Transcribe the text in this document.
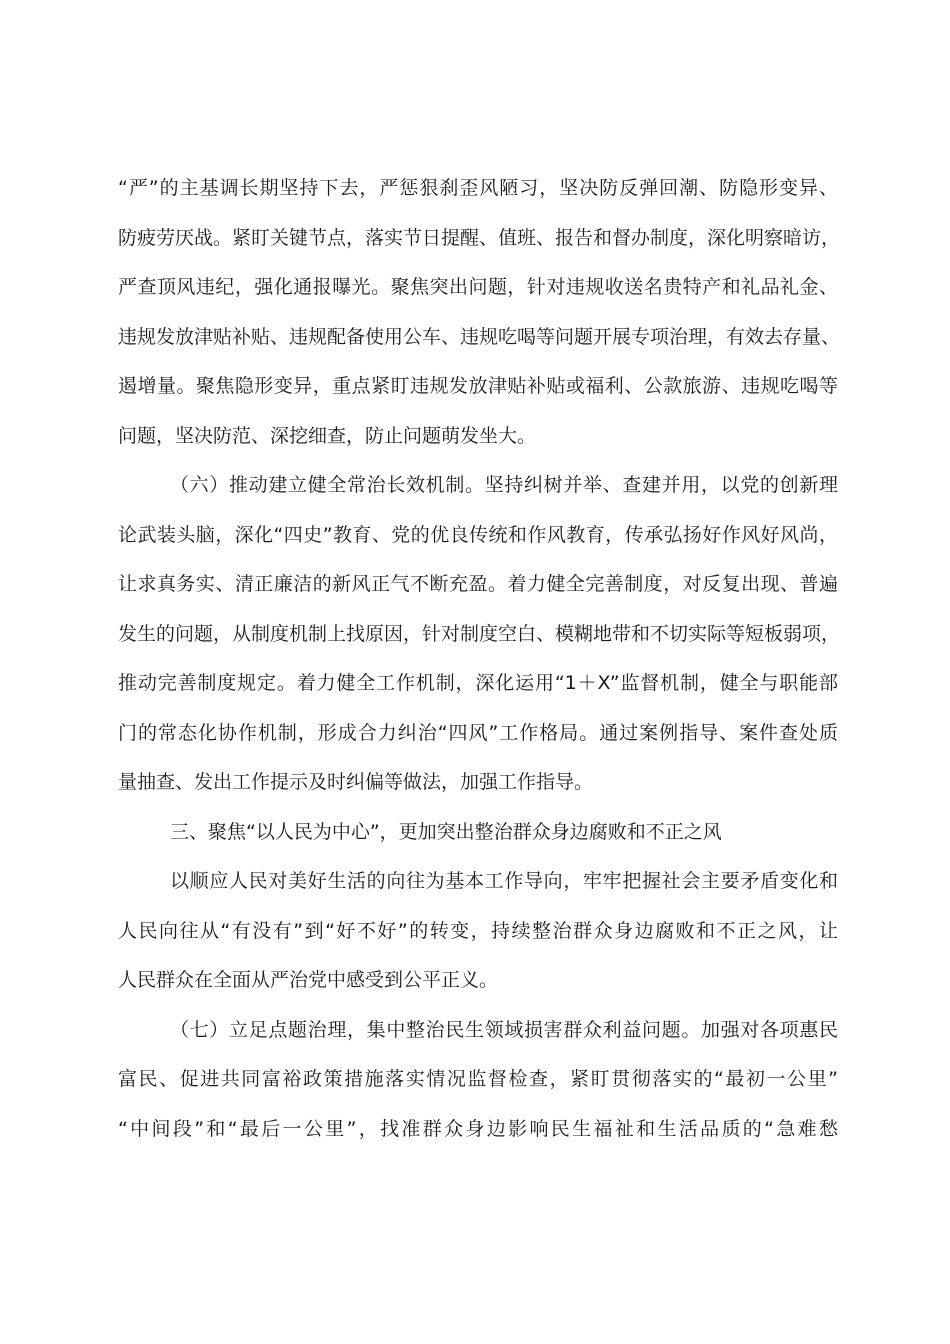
“严”的主基调长期坚持下去，严惩狠刹歪风陋习，坚决防反弹回潮、防隐形变异、
防疲劳厌战。紧盯关键节点，落实节日提醒、值班、报告和督办制度，深化明察暗访，
严查顶风违纪，强化通报曝光。聚焦突出问题，针对违规收送名贵特产和礼品礼金、
违规发放津贴补贴、违规配备使用公车、违规吃喝等问题开展专项治理，有效去存量、
遏增量。聚焦隐形变异，重点紧盯违规发放津贴补贴或福利、公款旅游、违规吃喝等
问题，坚决防范、深挖细查，防止问题萌发坐大。
（六）推动建立健全常治长效机制。坚持纠树并举、查建并用，以党的创新理
论武装头脑，深化“四史”教育、党的优良传统和作风教育，传承弘扬好作风好风尚，
让求真务实、清正廉洁的新风正气不断充盈。着力健全完善制度，对反复出现、普遍
发生的问题，从制度机制上找原因，针对制度空白、模糊地带和不切实际等短板弱项，
推动完善制度规定。着力健全工作机制，深化运用“1＋X”监督机制，健全与职能部
门的常态化协作机制，形成合力纠治“四风”工作格局。通过案例指导、案件查处质
量抽查、发出工作提示及时纠偏等做法，加强工作指导。
三、聚焦“以人民为中心”，更加突出整治群众身边腐败和不正之风
以顺应人民对美好生活的向往为基本工作导向，牢牢把握社会主要矛盾变化和
人民向往从“有没有”到“好不好”的转变，持续整治群众身边腐败和不正之风，让
人民群众在全面从严治党中感受到公平正义。
（七）立足点题治理，集中整治民生领域损害群众利益问题。加强对各项惠民
富民、促进共同富裕政策措施落实情况监督检查，紧盯贯彻落实的“最初一公里”
“中间段”和“最后一公里”，找准群众身边影响民生福祉和生活品质的“急难愁
